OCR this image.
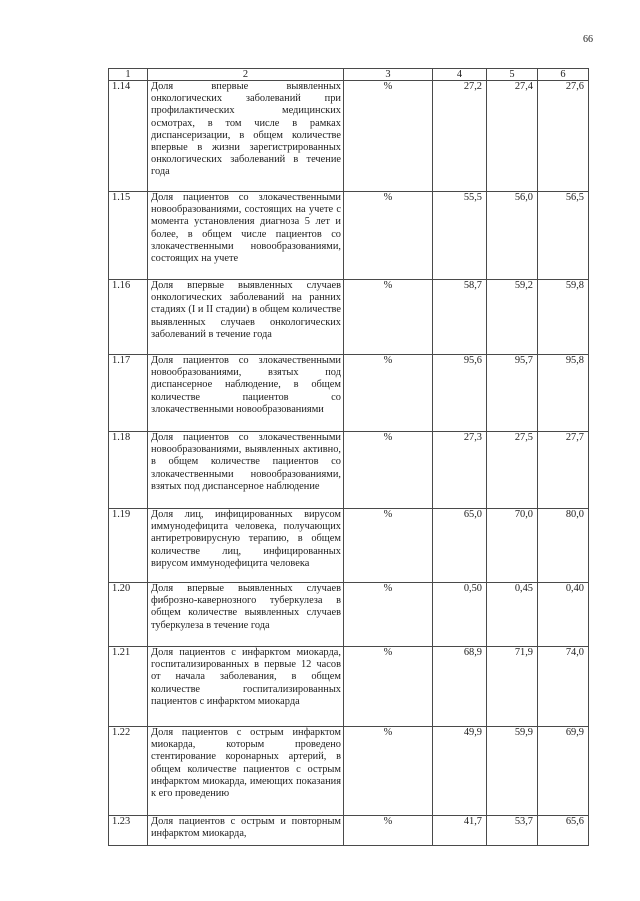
66
1	2	3	4	5	6
1.14	Доля впервые выявленных онкологических заболеваний при профилактических медицинских осмотрах, в том числе в рамках диспансеризации, в общем количестве впервые в жизни зарегистрированных онкологических заболеваний в течение года	%	27,2	27,4	27,6
1.15	Доля пациентов со злокачественными новообразованиями, состоящих на учете с момента установления диагноза 5 лет и более, в общем числе пациентов со злокачественными новообразованиями, состоящих на учете	%	55,5	56,0	56,5
1.16	Доля впервые выявленных случаев онкологических заболеваний на ранних стадиях (I и II стадии) в общем количестве выявленных случаев онкологических заболеваний в течение года	%	58,7	59,2	59,8
1.17	Доля пациентов со злокачественными новообразованиями, взятых под диспансерное наблюдение, в общем количестве пациентов со злокачественными новообразованиями	%	95,6	95,7	95,8
1.18	Доля пациентов со злокачественными новообразованиями, выявленных активно, в общем количестве пациентов со злокачественными новообразованиями, взятых под диспансерное наблюдение	%	27,3	27,5	27,7
1.19	Доля лиц, инфицированных вирусом иммунодефицита человека, получающих антиретровирусную терапию, в общем количестве лиц, инфицированных вирусом иммунодефицита человека	%	65,0	70,0	80,0
1.20	Доля впервые выявленных случаев фиброзно-кавернозного туберкулеза в общем количестве выявленных случаев туберкулеза в течение года	%	0,50	0,45	0,40
1.21	Доля пациентов с инфарктом миокарда, госпитализированных в первые 12 часов от начала заболевания, в общем количестве госпитализированных пациентов с инфарктом миокарда	%	68,9	71,9	74,0
1.22	Доля пациентов с острым инфарктом миокарда, которым проведено стентирование коронарных артерий, в общем количестве пациентов с острым инфарктом миокарда, имеющих показания к его проведению	%	49,9	59,9	69,9
1.23	Доля пациентов с острым и повторным инфарктом миокарда,	%	41,7	53,7	65,6
